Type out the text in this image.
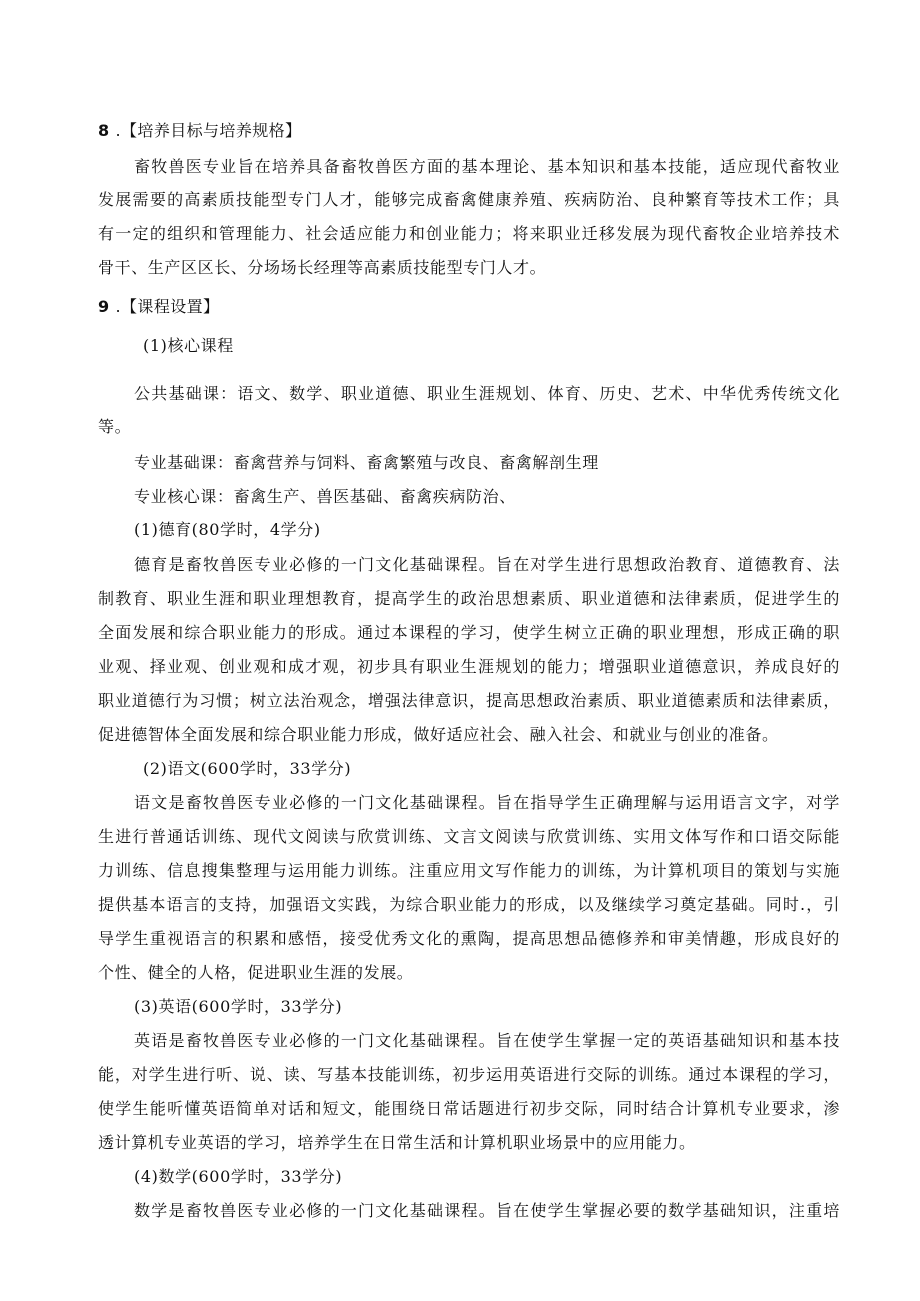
8 .【培养目标与培养规格】
畜牧兽医专业旨在培养具备畜牧兽医方面的基本理论、基本知识和基本技能，适应现代畜牧业
发展需要的高素质技能型专门人才，能够完成畜禽健康养殖、疾病防治、良种繁育等技术工作；具
有一定的组织和管理能力、社会适应能力和创业能力；将来职业迁移发展为现代畜牧企业培养技术
骨干、生产区区长、分场场长经理等高素质技能型专门人才。
9 .【课程设置】
(1)核心课程
公共基础课：语文、数学、职业道德、职业生涯规划、体育、历史、艺术、中华优秀传统文化
等。
专业基础课：畜禽营养与饲料、畜禽繁殖与改良、畜禽解剖生理
专业核心课：畜禽生产、兽医基础、畜禽疾病防治、
(1)德育(80学时，4学分)
德育是畜牧兽医专业必修的一门文化基础课程。旨在对学生进行思想政治教育、道德教育、法
制教育、职业生涯和职业理想教育，提高学生的政治思想素质、职业道德和法律素质，促进学生的
全面发展和综合职业能力的形成。通过本课程的学习，使学生树立正确的职业理想，形成正确的职
业观、择业观、创业观和成才观，初步具有职业生涯规划的能力；增强职业道德意识，养成良好的
职业道德行为习惯；树立法治观念，增强法律意识，提高思想政治素质、职业道德素质和法律素质，
促进德智体全面发展和综合职业能力形成，做好适应社会、融入社会、和就业与创业的准备。
(2)语文(600学时，33学分)
语文是畜牧兽医专业必修的一门文化基础课程。旨在指导学生正确理解与运用语言文字，对学
生进行普通话训练、现代文阅读与欣赏训练、文言文阅读与欣赏训练、实用文体写作和口语交际能
力训练、信息搜集整理与运用能力训练。注重应用文写作能力的训练，为计算机项目的策划与实施
提供基本语言的支持，加强语文实践，为综合职业能力的形成，以及继续学习奠定基础。同时.，引
导学生重视语言的积累和感悟，接受优秀文化的熏陶，提高思想品德修养和审美情趣，形成良好的
个性、健全的人格，促进职业生涯的发展。
(3)英语(600学时，33学分)
英语是畜牧兽医专业必修的一门文化基础课程。旨在使学生掌握一定的英语基础知识和基本技
能，对学生进行听、说、读、写基本技能训练，初步运用英语进行交际的训练。通过本课程的学习，
使学生能听懂英语简单对话和短文，能围绕日常话题进行初步交际，同时结合计算机专业要求，渗
透计算机专业英语的学习，培养学生在日常生活和计算机职业场景中的应用能力。
(4)数学(600学时，33学分)
数学是畜牧兽医专业必修的一门文化基础课程。旨在使学生掌握必要的数学基础知识，注重培
